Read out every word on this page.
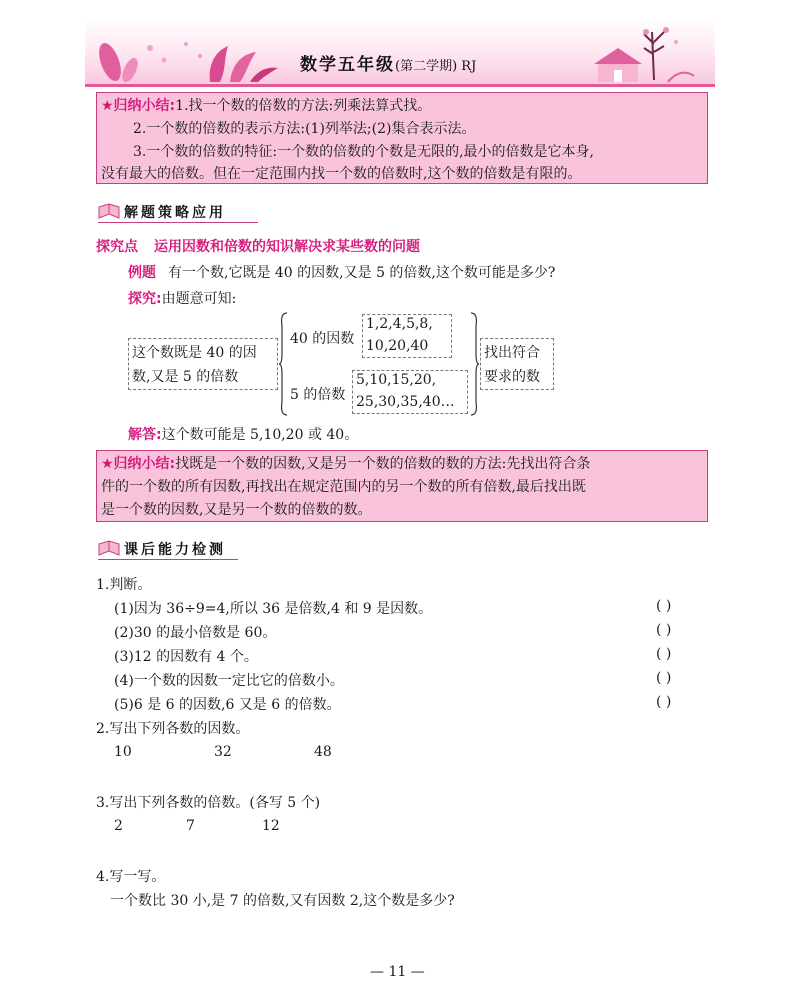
数学五年级(第二学期) RJ
★归纳小结:1.找一个数的倍数的方法:列乘法算式找。
2.一个数的倍数的表示方法:(1)列举法;(2)集合表示法。
3.一个数的倍数的特征:一个数的倍数的个数是无限的,最小的倍数是它本身,
没有最大的倍数。但在一定范围内找一个数的倍数时,这个数的倍数是有限的。
解题策略应用
探究点 运用因数和倍数的知识解决求某些数的问题
例题 有一个数,它既是 40 的因数,又是 5 的倍数,这个数可能是多少?
探究:由题意可知:
这个数既是 40 的因
数,又是 5 的倍数
40 的因数
1,2,4,5,8,
10,20,40
5 的倍数
5,10,15,20,
25,30,35,40…
找出符合
要求的数
解答:这个数可能是 5,10,20 或 40。
★归纳小结:找既是一个数的因数,又是另一个数的倍数的数的方法:先找出符合条
件的一个数的所有因数,再找出在规定范围内的另一个数的所有倍数,最后找出既
是一个数的因数,又是另一个数的倍数的数。
课后能力检测
1.判断。
(1)因为 36÷9=4,所以 36 是倍数,4 和 9 是因数。	( )
(2)30 的最小倍数是 60。	( )
(3)12 的因数有 4 个。	( )
(4)一个数的因数一定比它的倍数小。	( )
(5)6 是 6 的因数,6 又是 6 的倍数。	( )
2.写出下列各数的因数。
10	32	48
3.写出下列各数的倍数。(各写 5 个)
2	7	12
4.写一写。
一个数比 30 小,是 7 的倍数,又有因数 2,这个数是多少?
— 11 —
